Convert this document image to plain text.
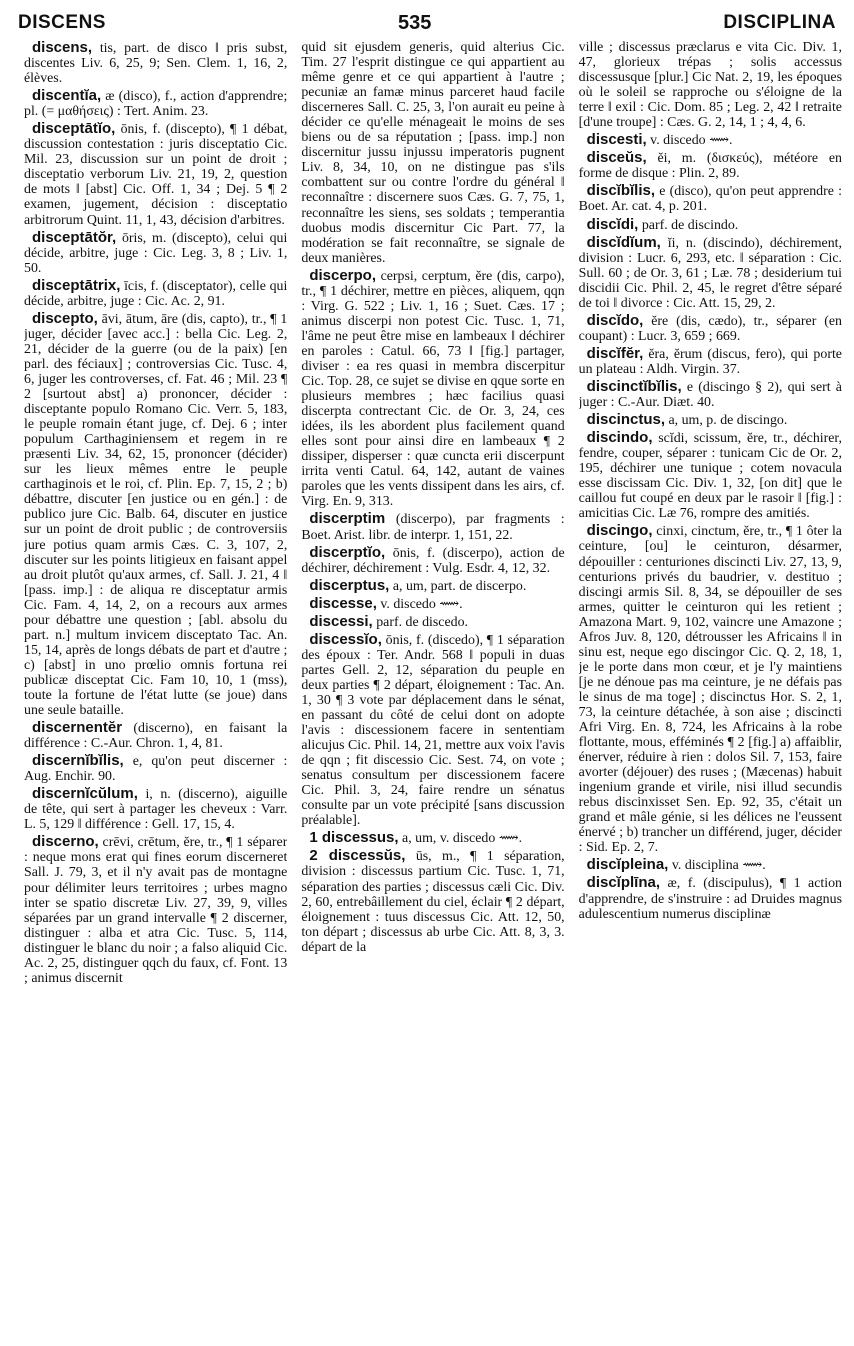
DISCENS	535	DISCIPLINA

discens, tis, part. de disco ‖ pris subst, discentes Liv. 6, 25, 9; Sen. Clem. 1, 16, 2, élèves.

discentĭa, æ (disco), f., action d'apprendre; pl. (= μαθήσεις) : Tert. Anim. 23.

disceptātĭo, ōnis, f. (discepto), ¶ 1 débat, discussion contestation : juris disceptatio Cic. Mil. 23, discussion sur un point de droit ; disceptatio verborum Liv. 21, 19, 2, question de mots ‖ [abst] Cic. Off. 1, 34 ; Dej. 5 ¶ 2 examen, jugement, décision : disceptatio arbitrorum Quint. 11, 1, 43, décision d'arbitres.

disceptātŏr, ōris, m. (discepto), celui qui décide, arbitre, juge : Cic. Leg. 3, 8 ; Liv. 1, 50.

disceptātrix, īcis, f. (disceptator), celle qui décide, arbitre, juge : Cic. Ac. 2, 91.

discepto, āvi, ātum, āre (dis, capto), tr., ¶ 1 juger, décider [avec acc.] : bella Cic. Leg. 2, 21, décider de la guerre (ou de la paix) [en parl. des féciaux] ; controversias Cic. Tusc. 4, 6, juger les controverses, cf. Fat. 46 ; Mil. 23 ¶ 2 [surtout abst] a) prononcer, décider : disceptante populo Romano Cic. Verr. 5, 183, le peuple romain étant juge, cf. Dej. 6 ; inter populum Carthaginiensem et regem in re præsenti Liv. 34, 62, 15, prononcer (décider) sur les lieux mêmes entre le peuple carthaginois et le roi, cf. Plin. Ep. 7, 15, 2 ; b) débattre, discuter [en justice ou en gén.] : de publico jure Cic. Balb. 64, discuter en justice sur un point de droit public ; de controversiis jure potius quam armis Cæs. C. 3, 107, 2, discuter sur les points litigieux en faisant appel au droit plutôt qu'aux armes, cf. Sall. J. 21, 4 ‖ [pass. imp.] : de aliqua re disceptatur armis Cic. Fam. 4, 14, 2, on a recours aux armes pour débattre une question ; [abl. absolu du part. n.] multum invicem disceptato Tac. An. 15, 14, après de longs débats de part et d'autre ; c) [abst] in uno prœlio omnis fortuna rei publicæ disceptat Cic. Fam 10, 10, 1 (mss), toute la fortune de l'état lutte (se joue) dans une seule bataille.

discernentĕr (discerno), en faisant la différence : C.-Aur. Chron. 1, 4, 81.

discernĭbĭlis, e, qu'on peut discerner : Aug. Enchir. 90.

discernĭcŭlum, i, n. (discerno), aiguille de tête, qui sert à partager les cheveux : Varr. L. 5, 129 ‖ différence : Gell. 17, 15, 4.

discerno, crēvi, crētum, ĕre, tr., ¶ 1 séparer : neque mons erat qui fines eorum discerneret Sall. J. 79, 3, et il n'y avait pas de montagne pour délimiter leurs territoires ; urbes magno inter se spatio discretæ Liv. 27, 39, 9, villes séparées par un grand intervalle ¶ 2 discerner, distinguer : alba et atra Cic. Tusc. 5, 114, distinguer le blanc du noir ; a falso aliquid Cic. Ac. 2, 25, distinguer qqch du faux, cf. Font. 13 ; animus discernit

quid sit ejusdem generis, quid alterius Cic. Tim. 27 l'esprit distingue ce qui appartient au même genre et ce qui appartient à l'autre ; pecuniæ an famæ minus parceret haud facile discerneres Sall. C. 25, 3, l'on aurait eu peine à décider ce qu'elle ménageait le moins de ses biens ou de sa réputation ; [pass. imp.] non discernitur jussu injussu imperatoris pugnent Liv. 8, 34, 10, on ne distingue pas s'ils combattent sur ou contre l'ordre du général ‖ reconnaître : discernere suos Cæs. G. 7, 75, 1, reconnaître les siens, ses soldats ; temperantia duobus modis discernitur Cic Part. 77, la modération se fait reconnaître, se signale de deux manières.

discerpo, cerpsi, cerptum, ĕre (dis, carpo), tr., ¶ 1 déchirer, mettre en pièces, aliquem, qqn : Virg. G. 522 ; Liv. 1, 16 ; Suet. Cæs. 17 ; animus discerpi non potest Cic. Tusc. 1, 71, l'âme ne peut être mise en lambeaux ‖ déchirer en paroles : Catul. 66, 73 ‖ [fig.] partager, diviser : ea res quasi in membra discerpitur Cic. Top. 28, ce sujet se divise en qque sorte en plusieurs membres ; hæc facilius quasi discerpta contrectant Cic. de Or. 3, 24, ces idées, ils les abordent plus facilement quand elles sont pour ainsi dire en lambeaux ¶ 2 dissiper, disperser : quæ cuncta erii discerpunt irrita venti Catul. 64, 142, autant de vaines paroles que les vents dissipent dans les airs, cf. Virg. En. 9, 313.

discerptim (discerpo), par fragments : Boet. Arist. libr. de interpr. 1, 151, 22.

discerptĭo, ōnis, f. (discerpo), action de déchirer, déchirement : Vulg. Esdr. 4, 12, 32.

discerptus, a, um, part. de discerpo.

discesse, v. discedo ⟿.

discessi, parf. de discedo.

discessĭo, ōnis, f. (discedo), ¶ 1 séparation des époux : Ter. Andr. 568 ‖ populi in duas partes Gell. 2, 12, séparation du peuple en deux parties ¶ 2 départ, éloignement : Tac. An. 1, 30 ¶ 3 vote par déplacement dans le sénat, en passant du côté de celui dont on adopte l'avis : discessionem facere in sententiam alicujus Cic. Phil. 14, 21, mettre aux voix l'avis de qqn ; fit discessio Cic. Sest. 74, on vote ; senatus consultum per discessionem facere Cic. Phil. 3, 24, faire rendre un sénatus consulte par un vote précipité [sans discussion préalable].

1 discessus, a, um, v. discedo ⟿.

2 discessŭs, ūs, m., ¶ 1 séparation, division : discessus partium Cic. Tusc. 1, 71, séparation des parties ; discessus cæli Cic. Div. 2, 60, entrebâillement du ciel, éclair ¶ 2 départ, éloignement : tuus discessus Cic. Att. 12, 50, ton départ ; discessus ab urbe Cic. Att. 8, 3, 3. départ de la

ville ; discessus præclarus e vita Cic. Div. 1, 47, glorieux trépas ; solis accessus discessusque [plur.] Cic Nat. 2, 19, les époques où le soleil se rapproche ou s'éloigne de la terre ‖ exil : Cic. Dom. 85 ; Leg. 2, 42 ‖ retraite [d'une troupe] : Cæs. G. 2, 14, 1 ; 4, 4, 6.

discesti, v. discedo ⟿.

disceŭs, ĕi, m. (δισκεύς), météore en forme de disque : Plin. 2, 89.

discĭbĭlis, e (disco), qu'on peut apprendre : Boet. Ar. cat. 4, p. 201.

discĭdi, parf. de discindo.

discĭdĭum, ĭi, n. (discindo), déchirement, division : Lucr. 6, 293, etc. ‖ séparation : Cic. Sull. 60 ; de Or. 3, 61 ; Læ. 78 ; desiderium tui discidii Cic. Phil. 2, 45, le regret d'être séparé de toi ‖ divorce : Cic. Att. 15, 29, 2.

discĭdo, ĕre (dis, cædo), tr., séparer (en coupant) : Lucr. 3, 659 ; 669.

discĭfĕr, ĕra, ĕrum (discus, fero), qui porte un plateau : Aldh. Virgin. 37.

discinctĭbĭlis, e (discingo § 2), qui sert à juger : C.-Aur. Diæt. 40.

discinctus, a, um, p. de discingo.

discindo, scĭdi, scissum, ĕre, tr., déchirer, fendre, couper, séparer : tunicam Cic de Or. 2, 195, déchirer une tunique ; cotem novacula esse discissam Cic. Div. 1, 32, [on dit] que le caillou fut coupé en deux par le rasoir ‖ [fig.] : amicitias Cic. Læ 76, rompre des amitiés.

discingo, cinxi, cinctum, ĕre, tr., ¶ 1 ôter la ceinture, [ou] le ceinturon, désarmer, dépouiller : centuriones discincti Liv. 27, 13, 9, centurions privés du baudrier, v. destituo ; discingi armis Sil. 8, 34, se dépouiller de ses armes, quitter le ceinturon qui les retient ; Amazona Mart. 9, 102, vaincre une Amazone ; Afros Juv. 8, 120, détrousser les Africains ‖ in sinu est, neque ego discingor Cic. Q. 2, 18, 1, je le porte dans mon cœur, et je l'y maintiens [je ne dénoue pas ma ceinture, je ne défais pas le sinus de ma toge] ; discinctus Hor. S. 2, 1, 73, la ceinture détachée, à son aise ; discincti Afri Virg. En. 8, 724, les Africains à la robe flottante, mous, efféminés ¶ 2 [fig.] a) affaiblir, énerver, réduire à rien : dolos Sil. 7, 153, faire avorter (déjouer) des ruses ; (Mæcenas) habuit ingenium grande et virile, nisi illud secundis rebus discinxisset Sen. Ep. 92, 35, c'était un grand et mâle génie, si les délices ne l'eussent énervé ; b) trancher un différend, juger, décider : Sid. Ep. 2, 7.

discĭpleina, v. disciplina ⟿.

discĭplīna, æ, f. (discipulus), ¶ 1 action d'apprendre, de s'instruire : ad Druides magnus adulescentium numerus disciplinæ
